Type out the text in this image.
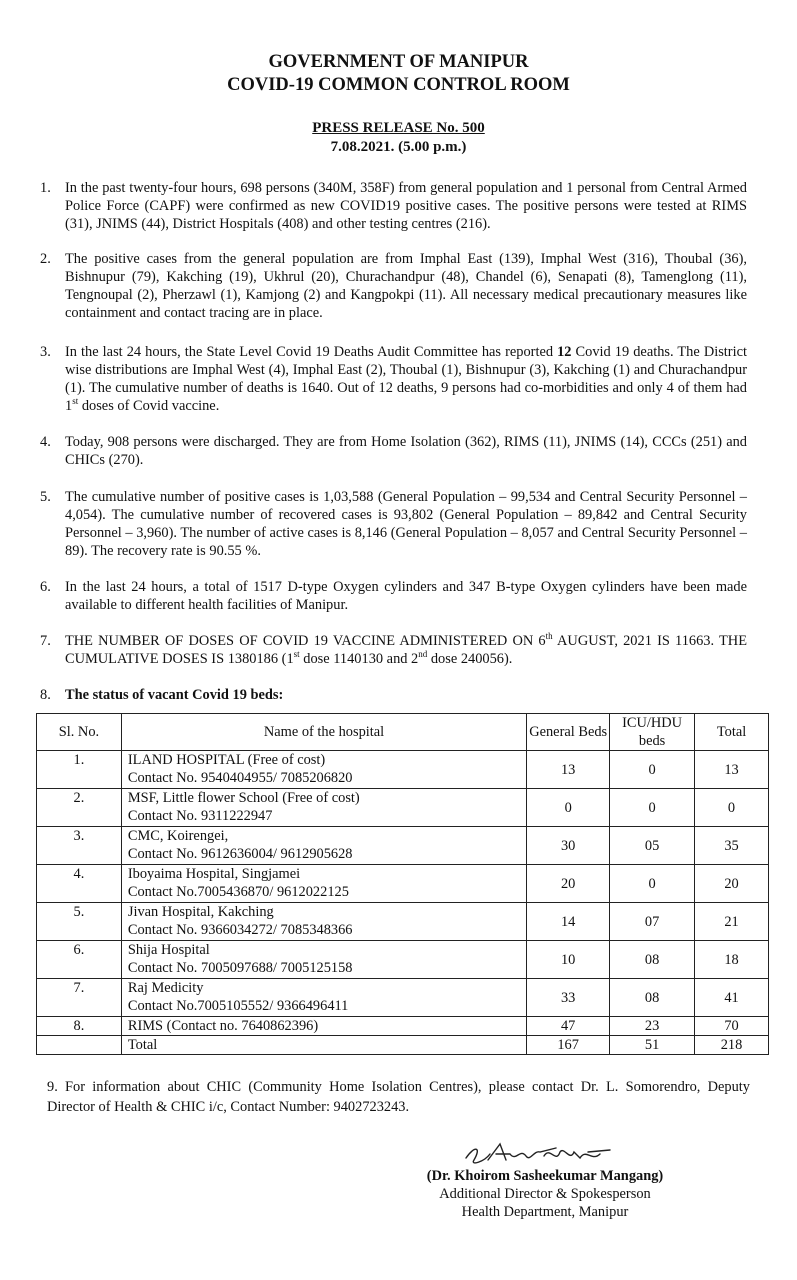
GOVERNMENT OF MANIPUR
COVID-19 COMMON CONTROL ROOM
PRESS RELEASE No. 500
7.08.2021. (5.00 p.m.)
1. In the past twenty-four hours, 698 persons (340M, 358F) from general population and 1 personal from Central Armed Police Force (CAPF) were confirmed as new COVID19 positive cases. The positive persons were tested at RIMS (31), JNIMS (44), District Hospitals (408) and other testing centres (216).
2. The positive cases from the general population are from Imphal East (139), Imphal West (316), Thoubal (36), Bishnupur (79), Kakching (19), Ukhrul (20), Churachandpur (48), Chandel (6), Senapati (8), Tamenglong (11), Tengnoupal (2), Pherzawl (1), Kamjong (2) and Kangpokpi (11). All necessary medical precautionary measures like containment and contact tracing are in place.
3. In the last 24 hours, the State Level Covid 19 Deaths Audit Committee has reported 12 Covid 19 deaths. The District wise distributions are Imphal West (4), Imphal East (2), Thoubal (1), Bishnupur (3), Kakching (1) and Churachandpur (1). The cumulative number of deaths is 1640. Out of 12 deaths, 9 persons had co-morbidities and only 4 of them had 1st doses of Covid vaccine.
4. Today, 908 persons were discharged. They are from Home Isolation (362), RIMS (11), JNIMS (14), CCCs (251) and CHICs (270).
5. The cumulative number of positive cases is 1,03,588 (General Population – 99,534 and Central Security Personnel – 4,054). The cumulative number of recovered cases is 93,802 (General Population – 89,842 and Central Security Personnel – 3,960). The number of active cases is 8,146 (General Population – 8,057 and Central Security Personnel – 89). The recovery rate is 90.55 %.
6. In the last 24 hours, a total of 1517 D-type Oxygen cylinders and 347 B-type Oxygen cylinders have been made available to different health facilities of Manipur.
7. THE NUMBER OF DOSES OF COVID 19 VACCINE ADMINISTERED ON 6th AUGUST, 2021 IS 11663. THE CUMULATIVE DOSES IS 1380186 (1st dose 1140130 and 2nd dose 240056).
8. The status of vacant Covid 19 beds:
Sl. No.	Name of the hospital	General Beds	ICU/HDU beds	Total
1.	ILAND HOSPITAL (Free of cost)
Contact No. 9540404955/ 7085206820	13	0	13
2.	MSF, Little flower School (Free of cost)
Contact No. 9311222947	0	0	0
3.	CMC, Koirengei,
Contact No. 9612636004/ 9612905628	30	05	35
4.	Iboyaima Hospital, Singjamei
Contact No.7005436870/ 9612022125	20	0	20
5.	Jivan Hospital, Kakching
Contact No. 9366034272/ 7085348366	14	07	21
6.	Shija Hospital
Contact No. 7005097688/ 7005125158	10	08	18
7.	Raj Medicity
Contact No.7005105552/ 9366496411	33	08	41
8.	RIMS (Contact no. 7640862396)	47	23	70
	Total	167	51	218
9. For information about CHIC (Community Home Isolation Centres), please contact Dr. L. Somorendro, Deputy Director of Health & CHIC i/c, Contact Number: 9402723243.
(Dr. Khoirom Sasheekumar Mangang)
Additional Director & Spokesperson
Health Department, Manipur
